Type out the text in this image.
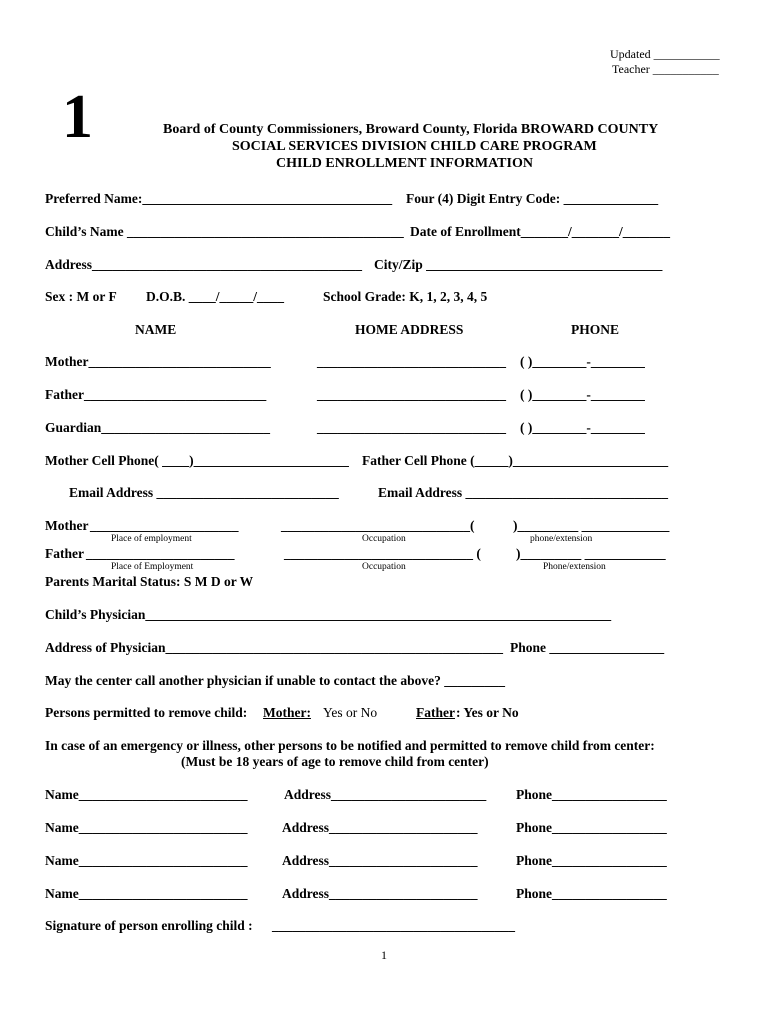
Updated ___________
Teacher ___________
1	Board of County Commissioners, Broward County, Florida BROWARD COUNTY
SOCIAL SERVICES DIVISION CHILD CARE PROGRAM
CHILD ENROLLMENT INFORMATION
Preferred Name:_____________________________________ Four (4) Digit Entry Code: ______________
Child’s Name _________________________________________ Date of Enrollment_______/_______/_______
Address________________________________________ City/Zip ___________________________________
Sex : M or F D.O.B. ____/_____/____	School Grade: K, 1, 2, 3, 4, 5
NAME	HOME ADDRESS	PHONE
Mother___________________________	____________________________ ( )________-________
Father___________________________	____________________________ ( )________-________
Guardian_________________________	____________________________ ( )________-________
Mother Cell Phone( ____)_______________________ Father Cell Phone (_____)_______________________
Email Address ___________________________	Email Address ______________________________
Mother ______________________	____________________________(	)_________ _____________
Place of employment	Occupation	phone/extension
Father ______________________	____________________________ (	)_________ ____________
Place of Employment	Occupation	Phone/extension
Parents Marital Status: S M D or W
Child’s Physician_____________________________________________________________________
Address of Physician__________________________________________________ Phone _________________
May the center call another physician if unable to contact the above? _________
Persons permitted to remove child: Mother: Yes or No	Father : Yes or No
In case of an emergency or illness, other persons to be notified and permitted to remove child from center:
(Must be 18 years of age to remove child from center)
Name_________________________	Address_______________________ Phone_________________
Name_________________________	Address______________________	Phone_________________
Name_________________________	Address______________________	Phone_________________
Name_________________________	Address______________________	Phone_________________
Signature of person enrolling child : ____________________________________
1
